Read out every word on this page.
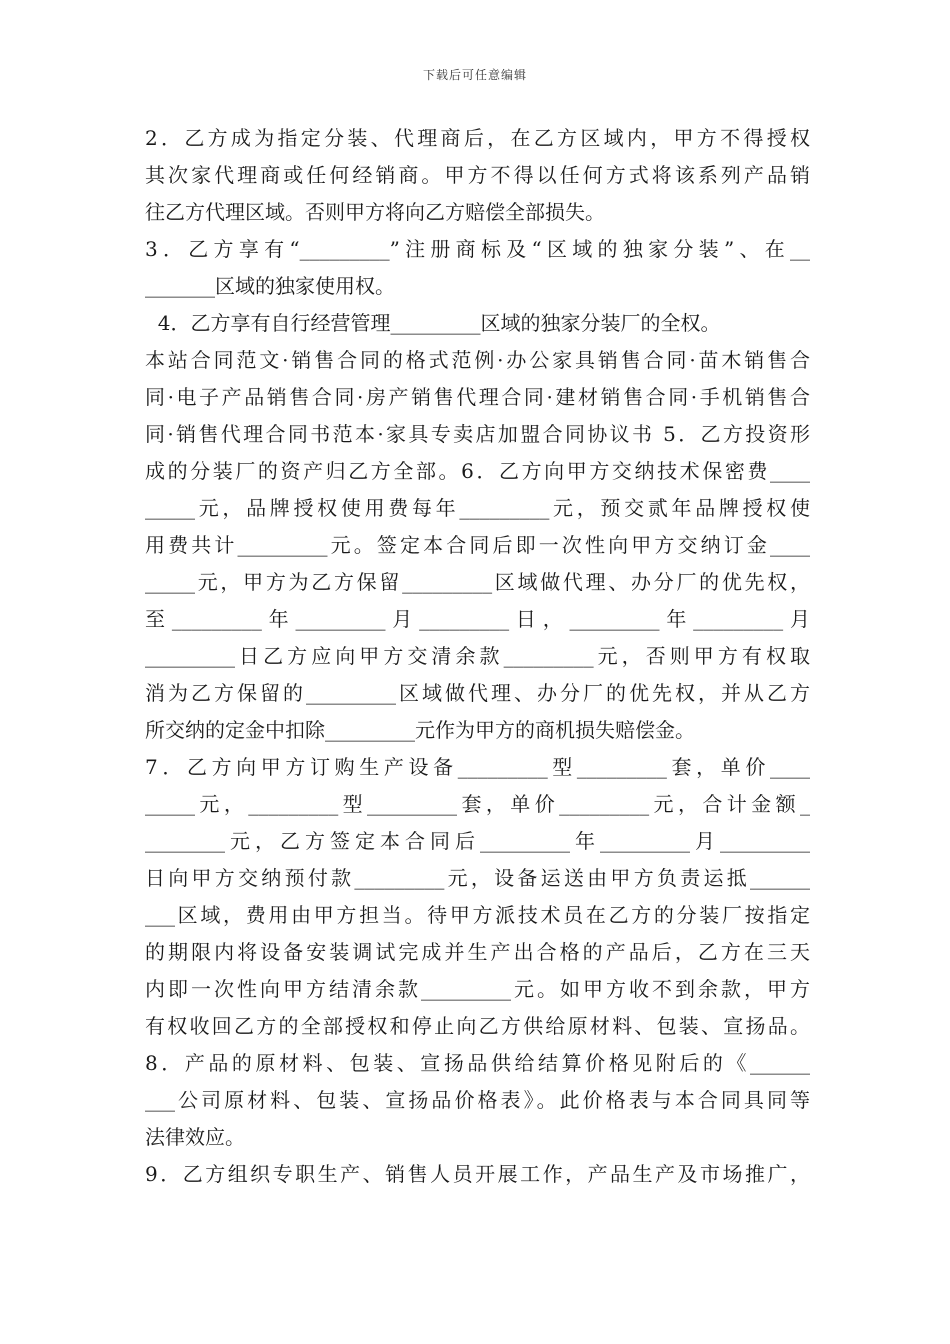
下载后可任意编辑
2．乙方成为指定分装、代理商后，在乙方区域内，甲方不得授权
其次家代理商或任何经销商。甲方不得以任何方式将该系列产品销
往乙方代理区域。否则甲方将向乙方赔偿全部损失。
3．乙方享有“_________”注册商标及“区域的独家分装”、在__
_______区域的独家使用权。
4．乙方享有自行经营管理_________区域的独家分装厂的全权。
本站合同范文·销售合同的格式范例·办公家具销售合同·苗木销售合
同·电子产品销售合同·房产销售代理合同·建材销售合同·手机销售合
同·销售代理合同书范本·家具专卖店加盟合同协议书 5．乙方投资形
成的分装厂的资产归乙方全部。6．乙方向甲方交纳技术保密费____
_____元，品牌授权使用费每年_________元，预交贰年品牌授权使
用费共计_________元。签定本合同后即一次性向甲方交纳订金____
_____元，甲方为乙方保留_________区域做代理、办分厂的优先权，
至_________年_________月_________日，_________年_________月
_________日乙方应向甲方交清余款_________元，否则甲方有权取
消为乙方保留的_________区域做代理、办分厂的优先权，并从乙方
所交纳的定金中扣除_________元作为甲方的商机损失赔偿金。
7．乙方向甲方订购生产设备_________型_________套，单价____
_____元，_________型_________套，单价_________元，合计金额_
________元，乙方签定本合同后_________年_________月_________
日向甲方交纳预付款_________元，设备运送由甲方负责运抵______
___区域，费用由甲方担当。待甲方派技术员在乙方的分装厂按指定
的期限内将设备安装调试完成并生产出合格的产品后，乙方在三天
内即一次性向甲方结清余款_________元。如甲方收不到余款，甲方
有权收回乙方的全部授权和停止向乙方供给原材料、包装、宣扬品。
8．产品的原材料、包装、宣扬品供给结算价格见附后的《______
___公司原材料、包装、宣扬品价格表》。此价格表与本合同具同等
法律效应。
9．乙方组织专职生产、销售人员开展工作，产品生产及市场推广，
